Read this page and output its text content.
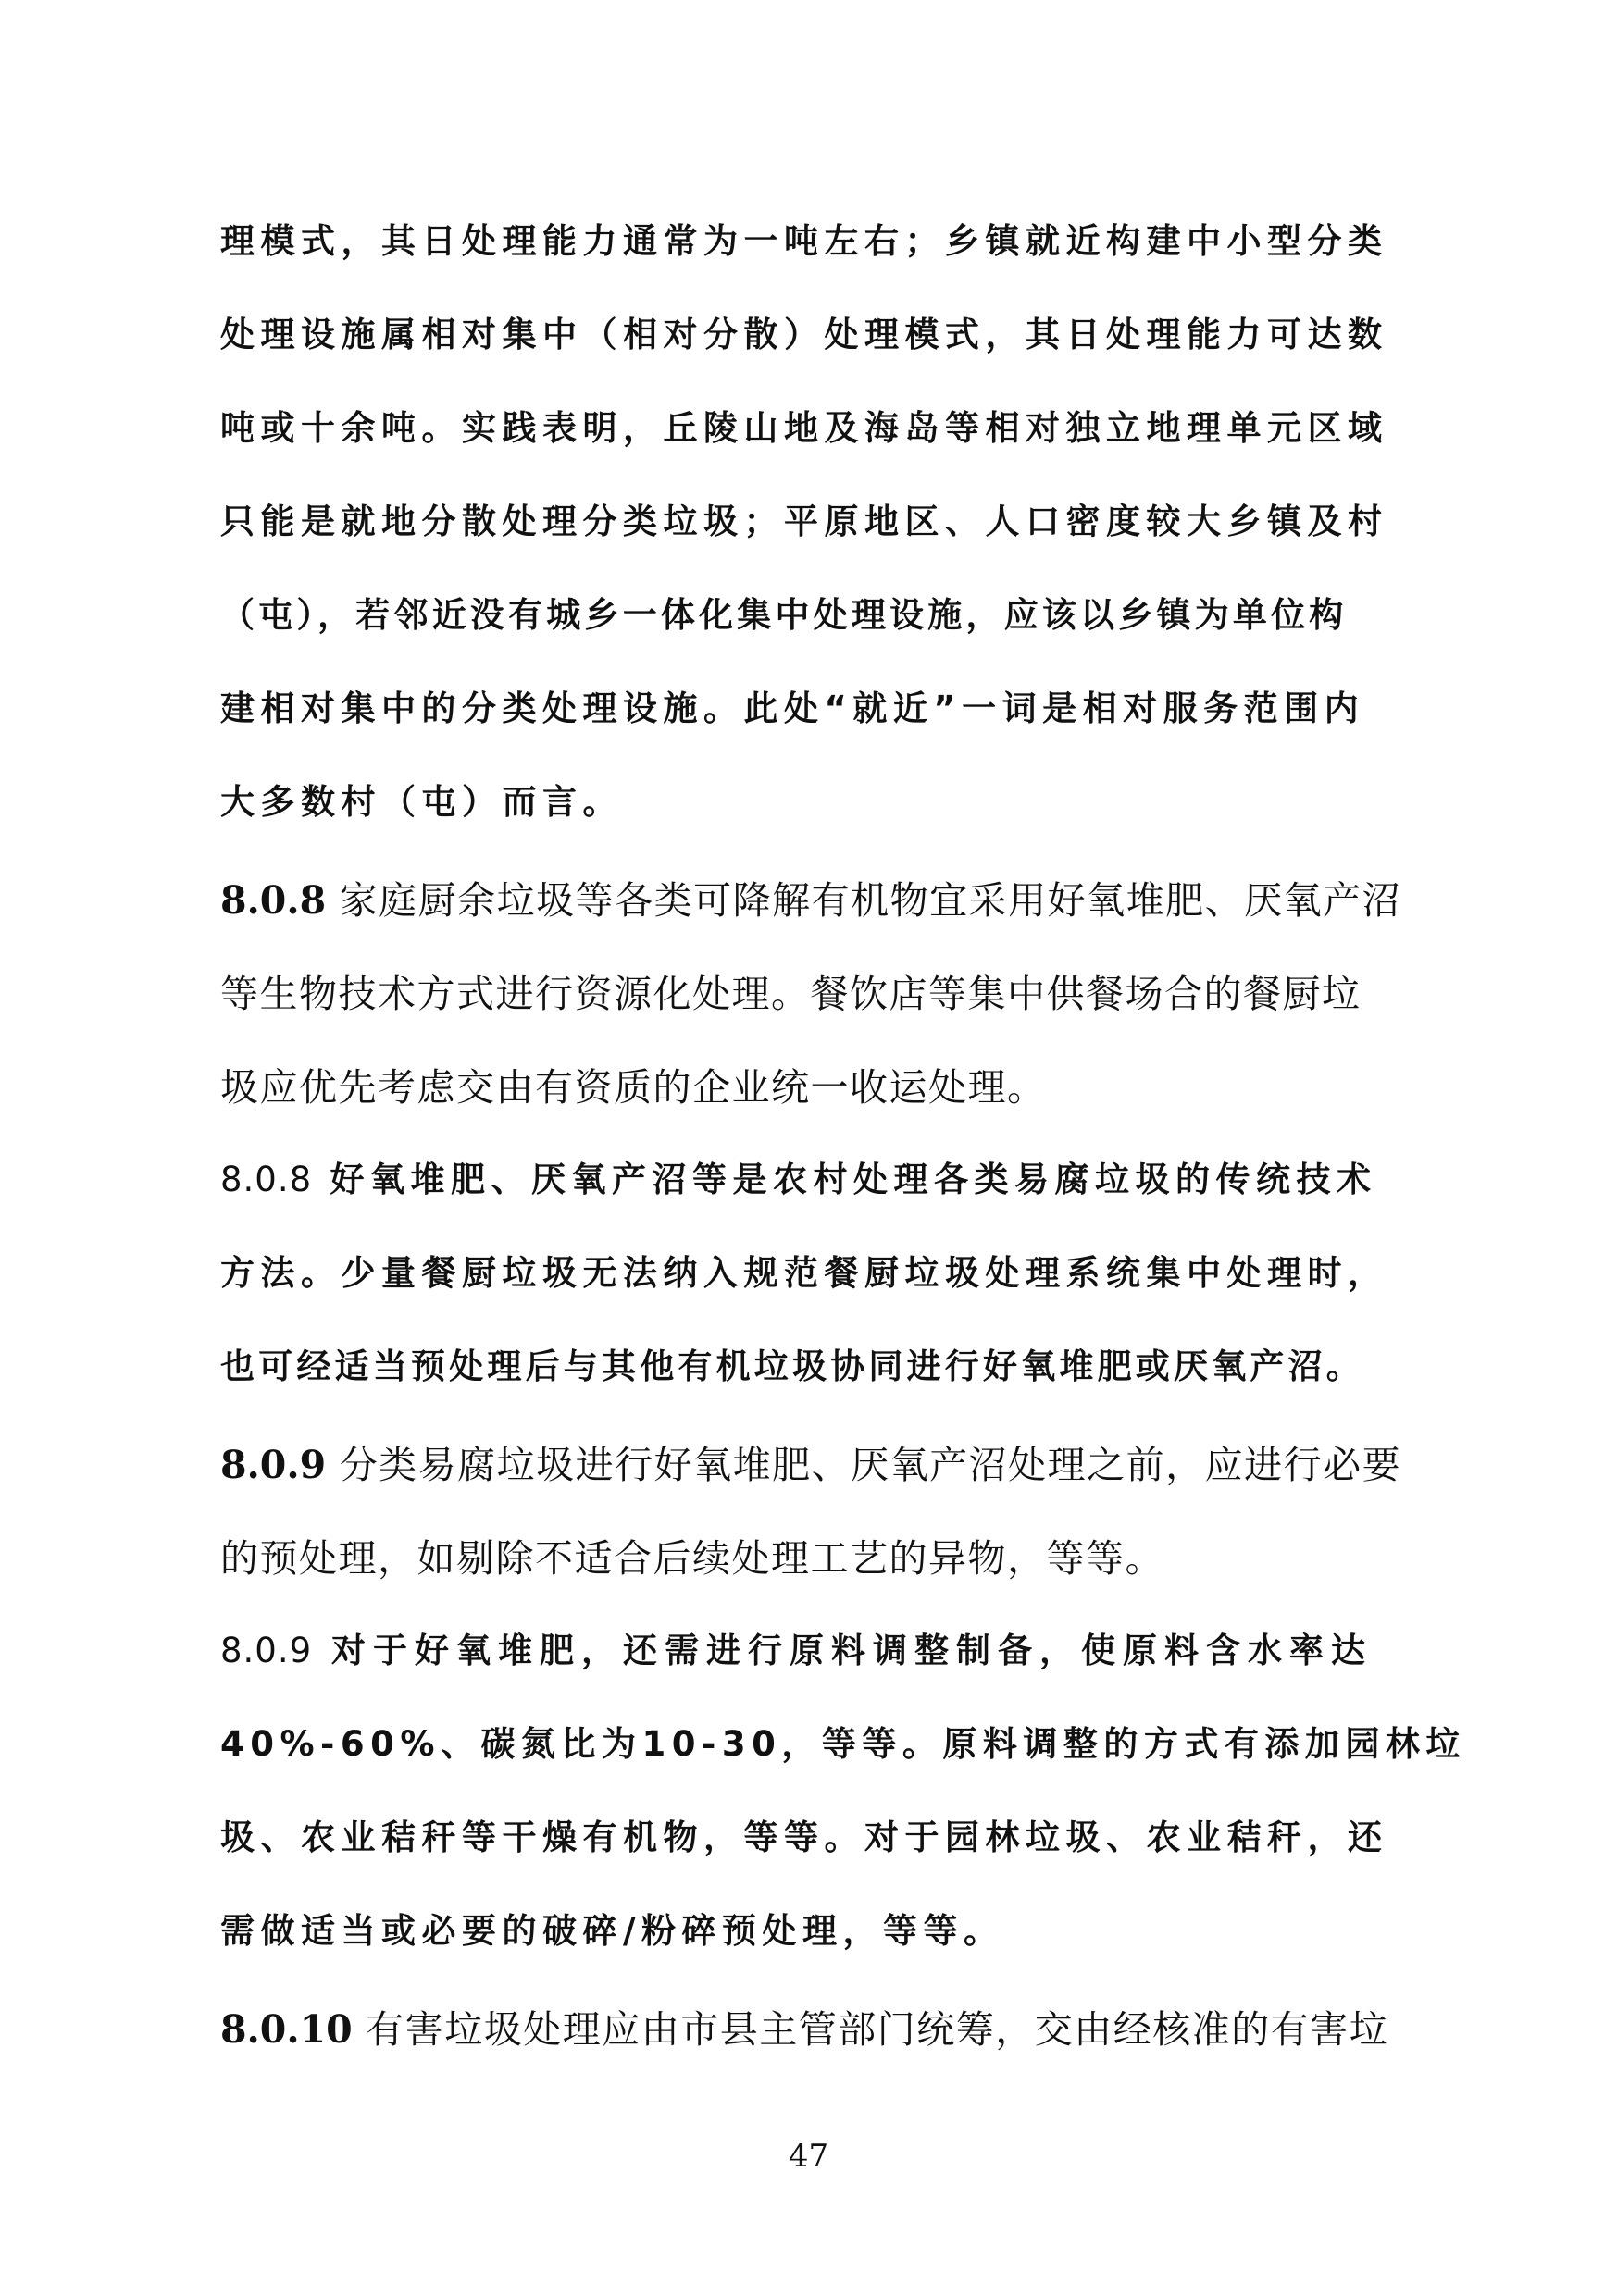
理模式，其日处理能力通常为一吨左右；乡镇就近构建中小型分类
处理设施属相对集中（相对分散）处理模式，其日处理能力可达数
吨或十余吨。实践表明，丘陵山地及海岛等相对独立地理单元区域
只能是就地分散处理分类垃圾；平原地区、人口密度较大乡镇及村
（屯），若邻近没有城乡一体化集中处理设施，应该以乡镇为单位构
建相对集中的分类处理设施。此处“就近”一词是相对服务范围内
大多数村（屯）而言。
8.0.8 家庭厨余垃圾等各类可降解有机物宜采用好氧堆肥、厌氧产沼
等生物技术方式进行资源化处理。餐饮店等集中供餐场合的餐厨垃
圾应优先考虑交由有资质的企业统一收运处理。
8.0.8 好氧堆肥、厌氧产沼等是农村处理各类易腐垃圾的传统技术
方法。少量餐厨垃圾无法纳入规范餐厨垃圾处理系统集中处理时，
也可经适当预处理后与其他有机垃圾协同进行好氧堆肥或厌氧产沼。
8.0.9 分类易腐垃圾进行好氧堆肥、厌氧产沼处理之前，应进行必要
的预处理，如剔除不适合后续处理工艺的异物，等等。
8.0.9 对于好氧堆肥，还需进行原料调整制备，使原料含水率达
40%-60%、碳氮比为10-30，等等。原料调整的方式有添加园林垃
圾、农业秸秆等干燥有机物，等等。对于园林垃圾、农业秸秆，还
需做适当或必要的破碎/粉碎预处理，等等。
8.0.10 有害垃圾处理应由市县主管部门统筹，交由经核准的有害垃
47
